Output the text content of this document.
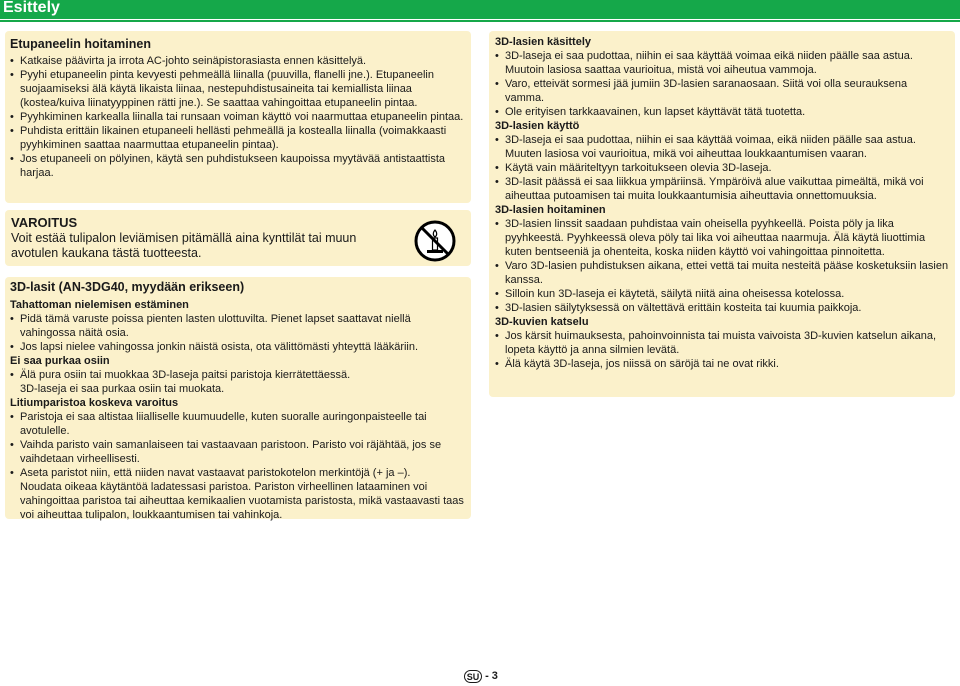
Esittely
Etupaneelin hoitaminen
• Katkaise päävirta ja irrota AC-johto seinäpistorasiasta ennen käsittelyä.
• Pyyhi etupaneelin pinta kevyesti pehmeällä liinalla (puuvilla, flanelli jne.). Etupaneelin suojaamiseksi älä käytä likaista liinaa, nestepuhdistusaineita tai kemiallista liinaa (kostea/kuiva liinatyyppinen rätti jne.). Se saattaa vahingoittaa etupaneelin pintaa.
• Pyyhkiminen karkealla liinalla tai runsaan voiman käyttö voi naarmuttaa etupaneelin pintaa.
• Puhdista erittäin likainen etupaneeli hellästi pehmeällä ja kostealla liinalla (voimakkaasti pyyhkiminen saattaa naarmuttaa etupaneelin pintaa).
• Jos etupaneeli on pölyinen, käytä sen puhdistukseen kaupoissa myytävää antistaattista harjaa.
VAROITUS
Voit estää tulipalon leviämisen pitämällä aina kynttilät tai muun avotulen kaukana tästä tuotteesta.
3D-lasit (AN-3DG40, myydään erikseen)
Tahattoman nielemisen estäminen
• Pidä tämä varuste poissa pienten lasten ulottuvilta. Pienet lapset saattavat niellä vahingossa näitä osia.
• Jos lapsi nielee vahingossa jonkin näistä osista, ota välittömästi yhteyttä lääkäriin.
Ei saa purkaa osiin
• Älä pura osiin tai muokkaa 3D-laseja paitsi paristoja kierrätettäessä.
3D-laseja ei saa purkaa osiin tai muokata.
Litiumparistoa koskeva varoitus
• Paristoja ei saa altistaa liialliselle kuumuudelle, kuten suoralle auringonpaisteelle tai avotulelle.
• Vaihda paristo vain samanlaiseen tai vastaavaan paristoon. Paristo voi räjähtää, jos se vaihdetaan virheellisesti.
• Aseta paristot niin, että niiden navat vastaavat paristokotelon merkintöjä (+ ja –).
Noudata oikeaa käytäntöä ladatessasi paristoa. Pariston virheellinen lataaminen voi vahingoittaa paristoa tai aiheuttaa kemikaalien vuotamista paristosta, mikä vastaavasti taas voi aiheuttaa tulipalon, loukkaantumisen tai vahinkoja.
3D-lasien käsittely
• 3D-laseja ei saa pudottaa, niihin ei saa käyttää voimaa eikä niiden päälle saa astua.
Muutoin lasiosa saattaa vaurioitua, mistä voi aiheutua vammoja.
• Varo, etteivät sormesi jää jumiin 3D-lasien saranaosaan. Siitä voi olla seurauksena vamma.
• Ole erityisen tarkkaavainen, kun lapset käyttävät tätä tuotetta.
3D-lasien käyttö
• 3D-laseja ei saa pudottaa, niihin ei saa käyttää voimaa, eikä niiden päälle saa astua.
Muuten lasiosa voi vaurioitua, mikä voi aiheuttaa loukkaantumisen vaaran.
• Käytä vain määriteltyyn tarkoitukseen olevia 3D-laseja.
• 3D-lasit päässä ei saa liikkua ympäriinsä. Ympäröivä alue vaikuttaa pimeältä, mikä voi aiheuttaa putoamisen tai muita loukkaantumisia aiheuttavia onnettomuuksia.
3D-lasien hoitaminen
• 3D-lasien linssit saadaan puhdistaa vain oheisella pyyhkeellä. Poista pöly ja lika pyyhkeestä. Pyyhkeessä oleva pöly tai lika voi aiheuttaa naarmuja. Älä käytä liuottimia kuten bentseeniä ja ohenteita, koska niiden käyttö voi vahingoittaa pinnoitetta.
• Varo 3D-lasien puhdistuksen aikana, ettei vettä tai muita nesteitä pääse kosketuksiin lasien kanssa.
• Silloin kun 3D-laseja ei käytetä, säilytä niitä aina oheisessa kotelossa.
• 3D-lasien säilytyksessä on vältettävä erittäin kosteita tai kuumia paikkoja.
3D-kuvien katselu
• Jos kärsit huimauksesta, pahoinvoinnista tai muista vaivoista 3D-kuvien katselun aikana, lopeta käyttö ja anna silmien levätä.
• Älä käytä 3D-laseja, jos niissä on säröjä tai ne ovat rikki.
SU - 3
